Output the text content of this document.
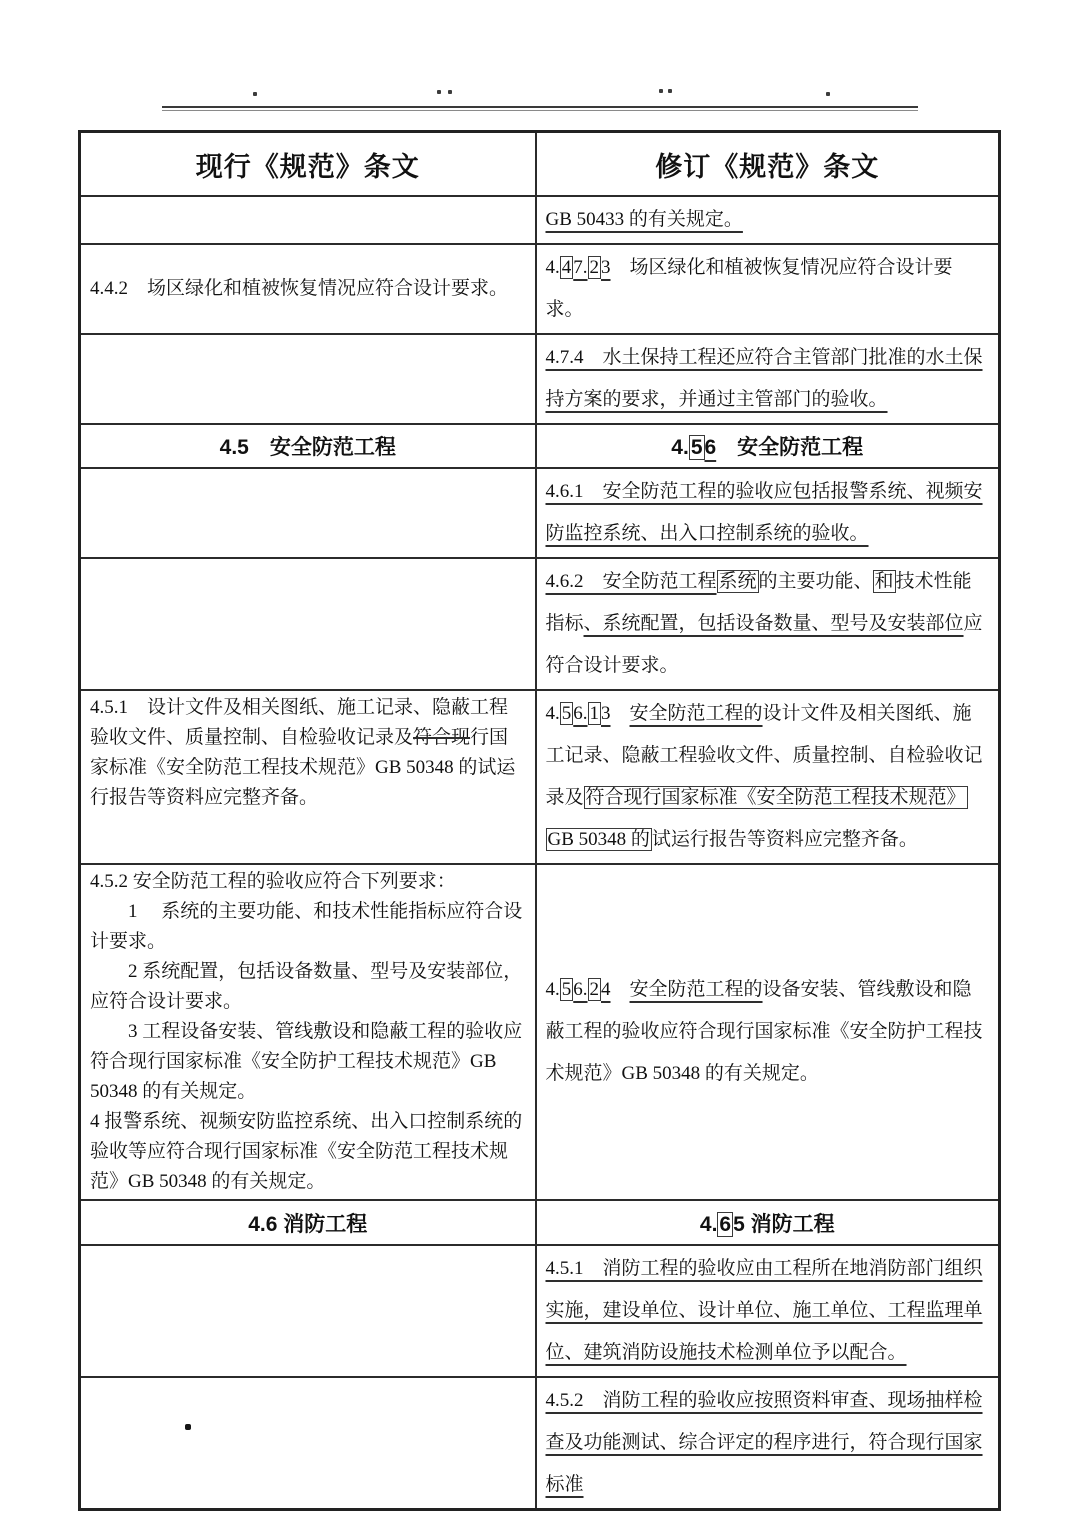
现行《规范》条文	修订《规范》条文

	GB 50433 的有关规定。

4.4.2　场区绿化和植被恢复情况应符合设计要求。	4. 4 7. 2 3　场区绿化和植被恢复情况应符合设计要求。

	4.7.4　水土保持工程还应符合主管部门批准的水土保持方案的要求，并通过主管部门的验收。

4.5　安全防范工程	4.56　安全防范工程

	4.6.1　安全防范工程的验收应包括报警系统、视频安防监控系统、出入口控制系统的验收。

	4.6.2　安全防范工程 系统 的主要功能、 和 技术性能指标、系统配置，包括设备数量、型号及安装部位应符合设计要求。

4.5.1　设计文件及相关图纸、施工记录、隐蔽工程验收文件、质量控制、自检验收记录及符合现行国家标准《安全防范工程技术规范》GB 50348 的试运行报告等资料应完整齐备。	4. 5 6. 1 3　 安全防范工程的设计文件及相关图纸、施工记录、隐蔽工程验收文件、质量控制、自检验收记录及 符合现行国家标准《安全防范工程技术规范》GB 50348 的 试运行报告等资料应完整齐备。

4.5.2 安全防范工程的验收应符合下列要求：
　　1　 系统的主要功能、和技术性能指标应符合设计要求。
　　2 系统配置，包括设备数量、型号及安装部位，应符合设计要求。
　　3 工程设备安装、管线敷设和隐蔽工程的验收应符合现行国家标准《安全防护工程技术规范》GB 50348 的有关规定。
4 报警系统、视频安防监控系统、出入口控制系统的验收等应符合现行国家标准《安全防范工程技术规范》GB 50348 的有关规定。	4. 5 6. 2 4　 安全防范工程的设备安装、管线敷设和隐蔽工程的验收应符合现行国家标准《安全防护工程技术规范》GB 50348 的有关规定。

4.6 消防工程	4.65 消防工程

	4.5.1　消防工程的验收应由工程所在地消防部门组织实施，建设单位、设计单位、施工单位、工程监理单位、建筑消防设施技术检测单位予以配合。

	4.5.2　消防工程的验收应按照资料审查、现场抽样检查及功能测试、综合评定的程序进行，符合现行国家标准
